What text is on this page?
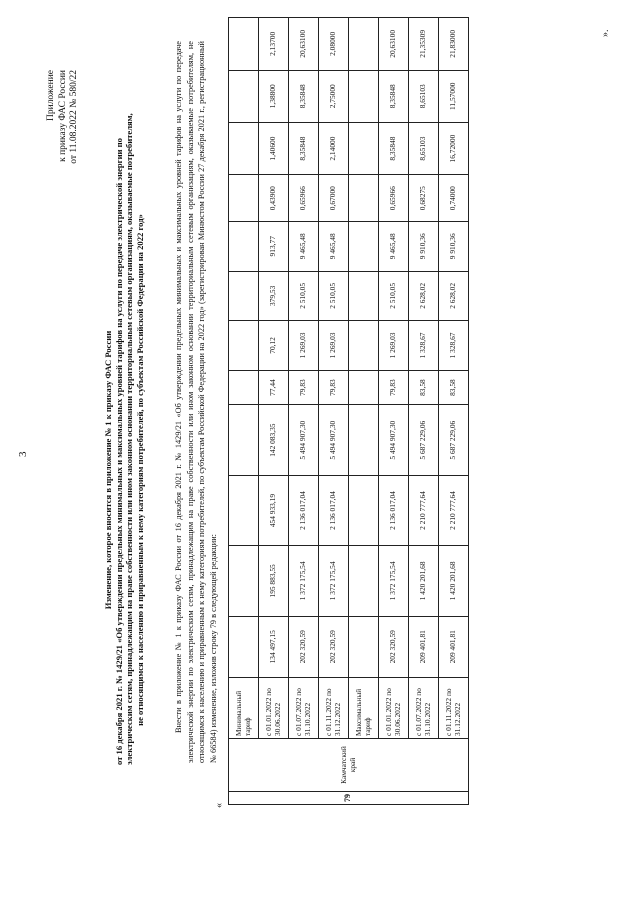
3
Приложение к приказу ФАС России от 11.08.2022 № 580/22
Изменение, которое вносится в приложение № 1 к приказу ФАС России от 16 декабря 2021 г. № 1429/21 «Об утверждении предельных минимальных и максимальных уровней тарифов на услуги по передаче электрической энергии по электрическим сетям, принадлежащим на праве собственности или ином законном основании территориальным сетевым организациям, оказываемые потребителям, не относящимся к населению и приравненным к нему категориям потребителей, по субъектам Российской Федерации на 2022 год»	Внести в приложение № 1 к приказу ФАС России от 16 декабря 2021 г. № 1429/21 «Об утверждении предельных минимальных и максимальных уровней тарифов на услуги по передаче электрической энергии по электрическим сетям, принадлежащим на праве собственности или ином законном основании территориальным сетевым организациям, оказываемые потребителям, не относящимся к населению и приравненным к нему категориям потребителей, по субъектам Российской Федерации на 2022 год» (зарегистрирован Минюстом России 27 декабря 2021 г., регистрационный № 66584) изменение, изложив строку 79 в следующей редакции:
«
79	Камчатский край	Минимальный тариф												
		с 01.01.2022 по 30.06.2022	134 497,15	195 883,55	454 933,19	142 083,35	77,44	70,12	379,53	913,77	0,43900	1,40600	1,38800	2,13700
		с 01.07.2022 по 31.10.2022	202 320,59	1 372 175,54	2 136 017,04	5 494 907,30	79,83	1 269,03	2 510,05	9 465,48	0,65966	8,35848	8,35848	20,63100
		с 01.11.2022 по 31.12.2022	202 320,59	1 372 175,54	2 136 017,04	5 494 907,30	79,83	1 269,03	2 510,05	9 465,48	0,67000	2,14000	2,75000	2,08000
		Максимальный тариф												
		с 01.01.2022 по 30.06.2022	202 320,59	1 372 175,54	2 136 017,04	5 494 907,30	79,83	1 269,03	2 510,05	9 465,48	0,65966	8,35848	8,35848	20,63100
		с 01.07.2022 по 31.10.2022	209 401,81	1 420 201,68	2 210 777,64	5 687 229,06	83,58	1 328,67	2 628,02	9 910,36	0,68275	8,65103	8,65103	21,35309
		с 01.11.2022 по 31.12.2022	209 401,81	1 420 201,68	2 210 777,64	5 687 229,06	83,58	1 328,67	2 628,02	9 910,36	0,74000	16,72000	11,57000	21,83000	».
